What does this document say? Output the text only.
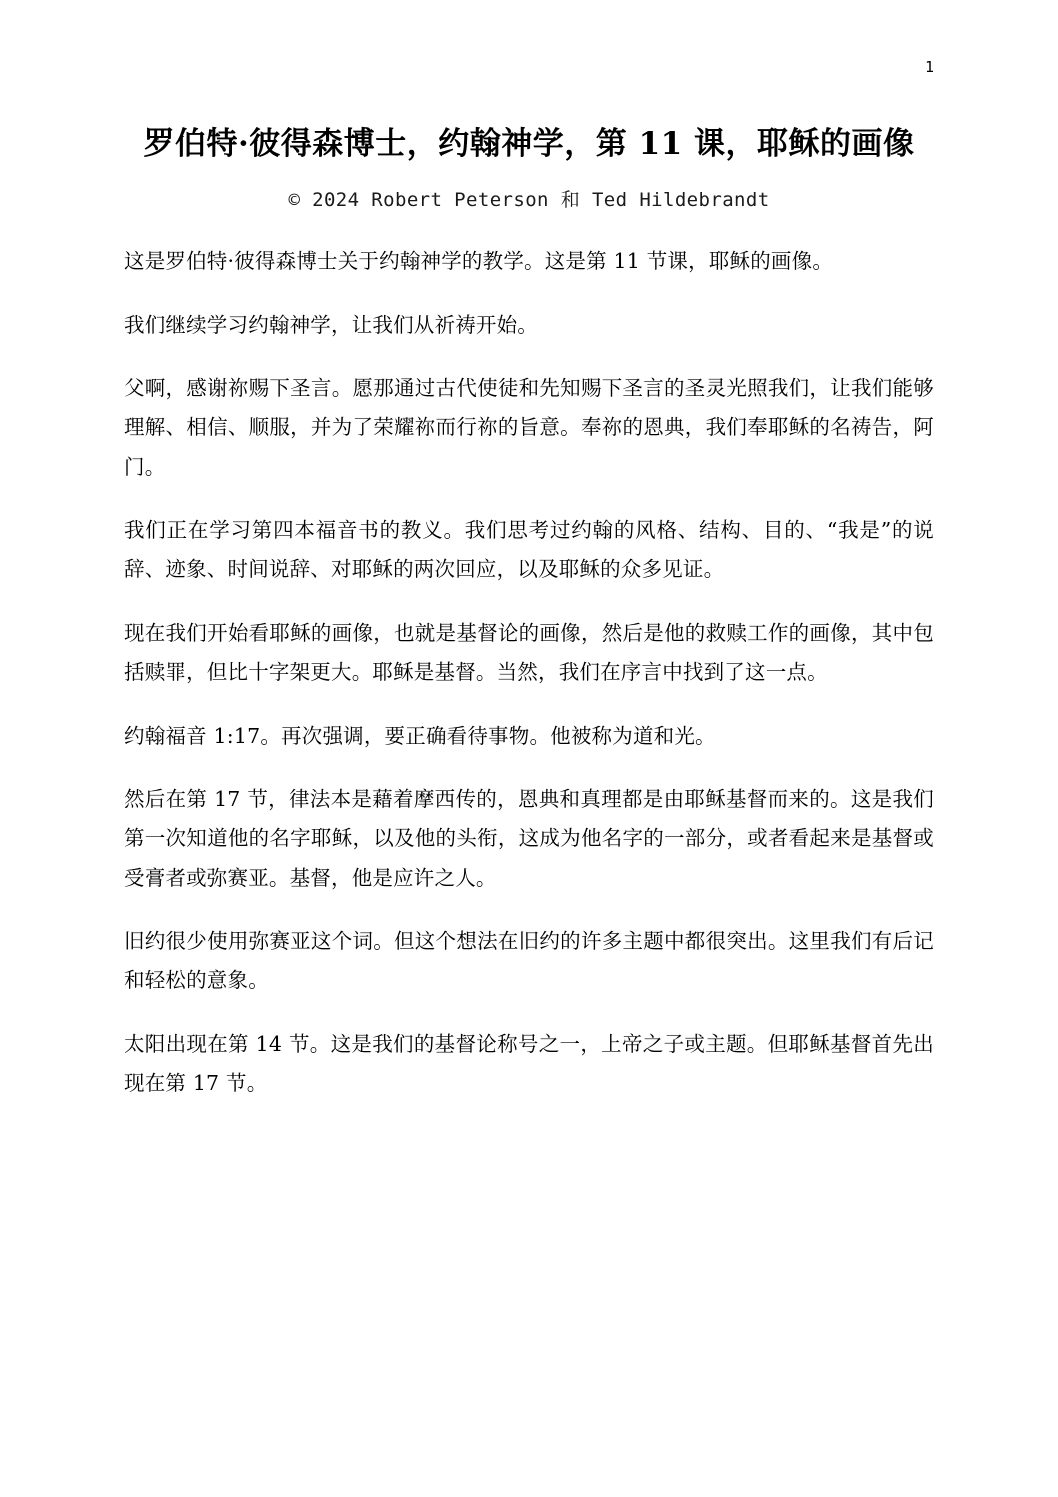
1
罗伯特·彼得森博士，约翰神学，第 11 课，耶稣的画像
© 2024 Robert Peterson 和 Ted Hildebrandt

这是罗伯特·彼得森博士关于约翰神学的教学。这是第 11 节课，耶稣的画像。

我们继续学习约翰神学，让我们从祈祷开始。

父啊，感谢祢赐下圣言。愿那通过古代使徒和先知赐下圣言的圣灵光照我们，让我们能够理解、相信、顺服，并为了荣耀祢而行祢的旨意。奉祢的恩典，我们奉耶稣的名祷告，阿门。

我们正在学习第四本福音书的教义。我们思考过约翰的风格、结构、目的、“我是”的说辞、迹象、时间说辞、对耶稣的两次回应，以及耶稣的众多见证。

现在我们开始看耶稣的画像，也就是基督论的画像，然后是他的救赎工作的画像，其中包括赎罪，但比十字架更大。耶稣是基督。当然，我们在序言中找到了这一点。

约翰福音 1:17。再次强调，要正确看待事物。他被称为道和光。

然后在第 17 节，律法本是藉着摩西传的，恩典和真理都是由耶稣基督而来的。这是我们第一次知道他的名字耶稣，以及他的头衔，这成为他名字的一部分，或者看起来是基督或受膏者或弥赛亚。基督，他是应许之人。

旧约很少使用弥赛亚这个词。但这个想法在旧约的许多主题中都很突出。这里我们有后记和轻松的意象。

太阳出现在第 14 节。这是我们的基督论称号之一，上帝之子或主题。但耶稣基督首先出现在第 17 节。
